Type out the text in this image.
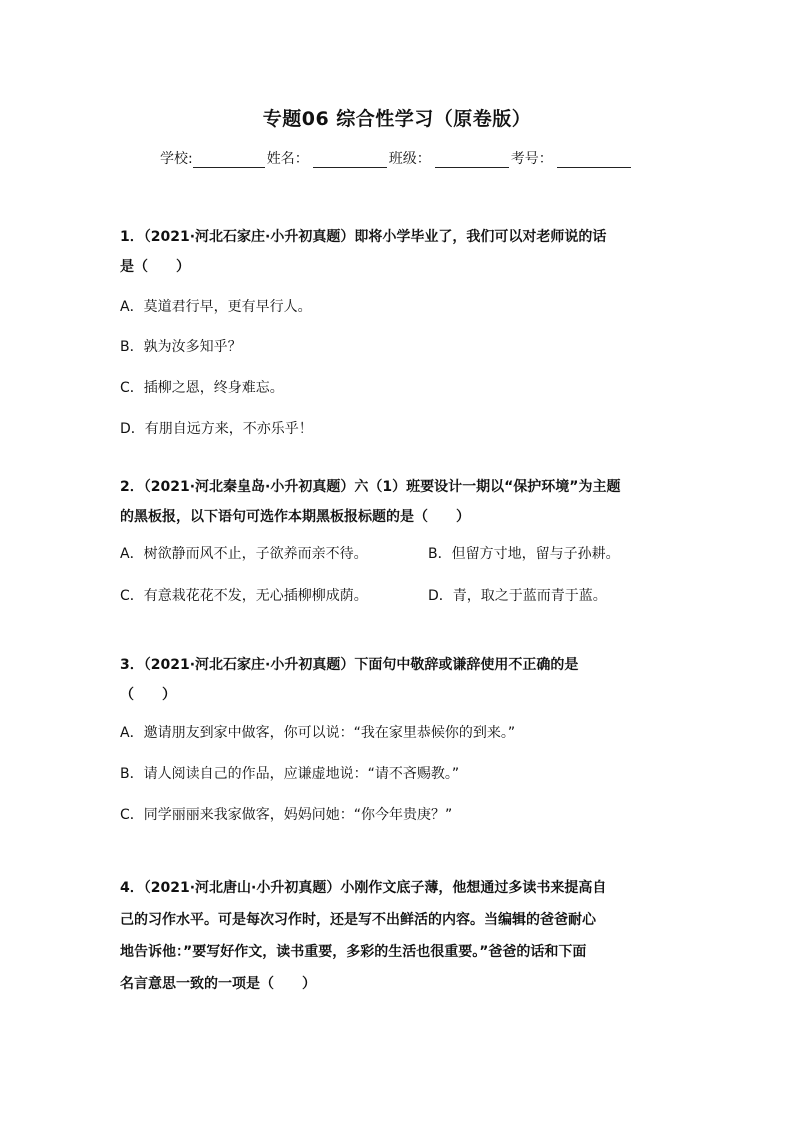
专题06 综合性学习（原卷版）
学校:	姓名：	班级：	考号：
1．（2021·河北石家庄·小升初真题）即将小学毕业了，我们可以对老师说的话
是（　　）
A．莫道君行早，更有早行人。
B．孰为汝多知乎？
C．插柳之恩，终身难忘。
D．有朋自远方来，不亦乐乎！
2．（2021·河北秦皇岛·小升初真题）六（1）班要设计一期以“保护环境”为主题
的黑板报，以下语句可选作本期黑板报标题的是（　　）
A．树欲静而风不止，子欲养而亲不待。	B．但留方寸地，留与子孙耕。
C．有意栽花花不发，无心插柳柳成荫。	D．青，取之于蓝而青于蓝。
3．（2021·河北石家庄·小升初真题）下面句中敬辞或谦辞使用不正确的是
（　　）
A．邀请朋友到家中做客，你可以说：“我在家里恭候你的到来。”
B．请人阅读自己的作品，应谦虚地说：“请不吝赐教。”
C．同学丽丽来我家做客，妈妈问她：“你今年贵庚？”
4．（2021·河北唐山·小升初真题）小刚作文底子薄，他想通过多读书来提高自
己的习作水平。可是每次习作时，还是写不出鲜活的内容。当编辑的爸爸耐心
地告诉他：”要写好作文，读书重要，多彩的生活也很重要。”爸爸的话和下面
名言意思一致的一项是（　　）
